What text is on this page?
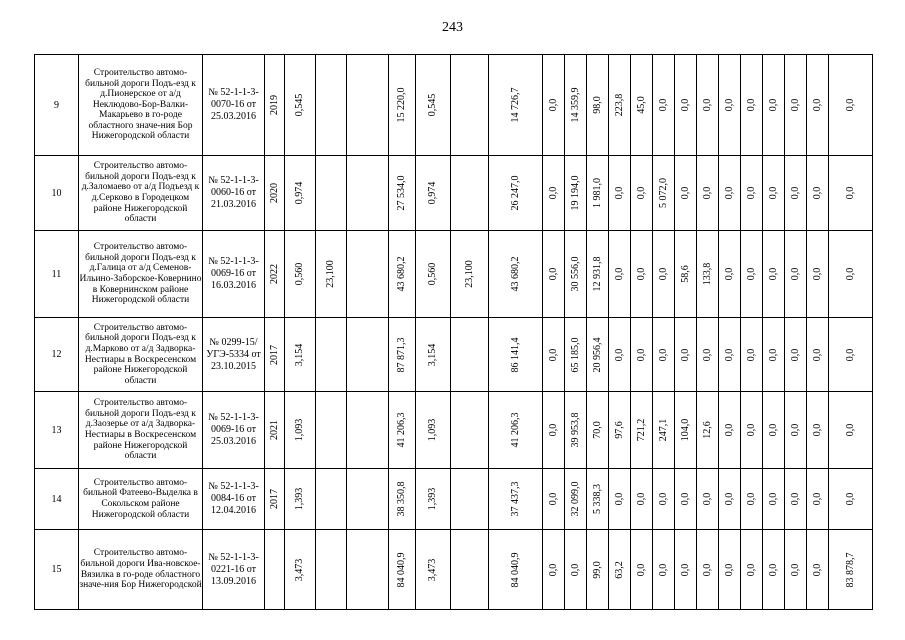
243
9	Строительство автомо-бильной дороги Подъ-езд к д.Пионерское от а/д Неклюдово-Бор-Валки-Макарьево в го-роде областного значе-ния Бор Нижегородской области	№ 52-1-1-3-0070-16 от 25.03.2016	2019	0,545			15 220,0	0,545		14 726,7	0,0	14 359,9	98,0	223,8	45,0	0,0	0,0	0,0	0,0	0,0	0,0	0,0	0,0	0,0

10	Строительство автомо-бильной дороги Подъ-езд к д.Заломаево от а/д Подъезд к д.Серково в Городецком районе Нижегородской области	№ 52-1-1-3-0060-16 от 21.03.2016	2020	0,974			27 534,0	0,974		26 247,0	0,0	19 194,0	1 981,0	0,0	0,0	5 072,0	0,0	0,0	0,0	0,0	0,0	0,0	0,0	0,0

11	Строительство автомо-бильной дороги Подъ-езд к д.Галица от а/д Семенов-Ильино-Заборское-Ковернино в Ковернинском районе Нижегородской области	№ 52-1-1-3-0069-16 от 16.03.2016	2022	0,560	23,100		43 680,2	0,560	23,100	43 680,2	0,0	30 556,0	12 931,8	0,0	0,0	0,0	58,6	133,8	0,0	0,0	0,0	0,0	0,0	0,0

12	Строительство автомо-бильной дороги Подъ-езд к д.Марково от а/д Задворка-Нестиары в Воскресенском районе Нижегородской области	№ 0299-15/УГЭ-5334 от 23.10.2015	2017	3,154			87 871,3	3,154		86 141,4	0,0	65 185,0	20 956,4	0,0	0,0	0,0	0,0	0,0	0,0	0,0	0,0	0,0	0,0	0,0

13	Строительство автомо-бильной дороги Подъ-езд к д.Заозерье от а/д Задворка-Нестиары в Воскресенском районе Нижегородской области	№ 52-1-1-3-0069-16 от 25.03.2016	2021	1,093			41 206,3	1,093		41 206,3	0,0	39 953,8	70,0	97,6	721,2	247,1	104,0	12,6	0,0	0,0	0,0	0,0	0,0	0,0

14	Строительство автомо-бильной Фатеево-Выделка в Сокольском районе Нижегородской области	№ 52-1-1-3-0084-16 от 12.04.2016	2017	1,393			38 350,8	1,393		37 437,3	0,0	32 099,0	5 338,3	0,0	0,0	0,0	0,0	0,0	0,0	0,0	0,0	0,0	0,0	0,0

15	Строительство автомо-бильной дороги Ива-новское-Вязилка в го-роде областного значе-ния Бор Нижегородской	№ 52-1-1-3-0221-16 от 13.09.2016		3,473			84 040,9	3,473		84 040,9	0,0	0,0	99,0	63,2	0,0	0,0	0,0	0,0	0,0	0,0	0,0	0,0	0,0	83 878,7
